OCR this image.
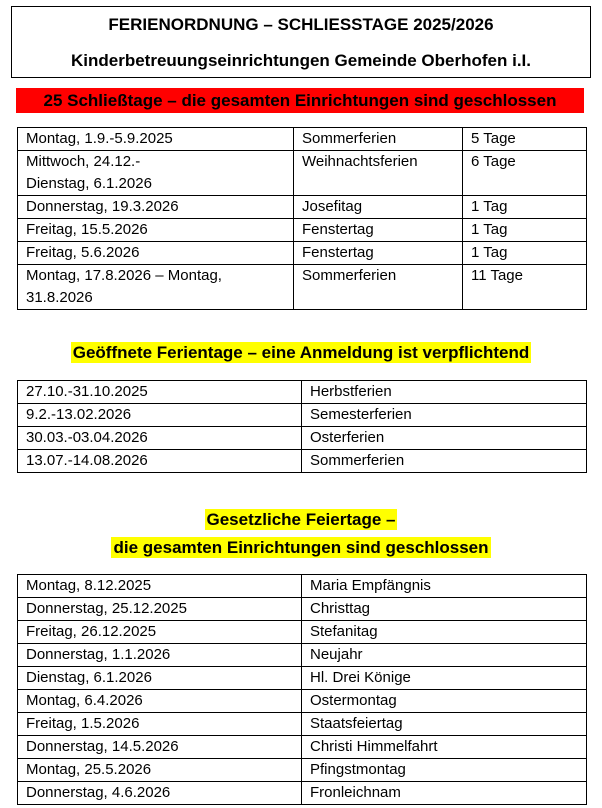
FERIENORDNUNG – SCHLIESSTAGE 2025/2026
Kinderbetreuungseinrichtungen Gemeinde Oberhofen i.I.
25 Schließtage – die gesamten Einrichtungen sind geschlossen
Montag, 1.9.-5.9.2025	Sommerferien	5 Tage
Mittwoch, 24.12.-
Dienstag, 6.1.2026	Weihnachtsferien	6 Tage
Donnerstag, 19.3.2026	Josefitag	1 Tag
Freitag, 15.5.2026	Fenstertag	1 Tag
Freitag, 5.6.2026	Fenstertag	1 Tag
Montag, 17.8.2026 – Montag,
31.8.2026	Sommerferien	11 Tage
Geöffnete Ferientage – eine Anmeldung ist verpflichtend
27.10.-31.10.2025	Herbstferien
9.2.-13.02.2026	Semesterferien
30.03.-03.04.2026	Osterferien
13.07.-14.08.2026	Sommerferien
Gesetzliche Feiertage –
die gesamten Einrichtungen sind geschlossen
Montag, 8.12.2025	Maria Empfängnis
Donnerstag, 25.12.2025	Christtag
Freitag, 26.12.2025	Stefanitag
Donnerstag, 1.1.2026	Neujahr
Dienstag, 6.1.2026	Hl. Drei Könige
Montag, 6.4.2026	Ostermontag
Freitag, 1.5.2026	Staatsfeiertag
Donnerstag, 14.5.2026	Christi Himmelfahrt
Montag, 25.5.2026	Pfingstmontag
Donnerstag, 4.6.2026	Fronleichnam
